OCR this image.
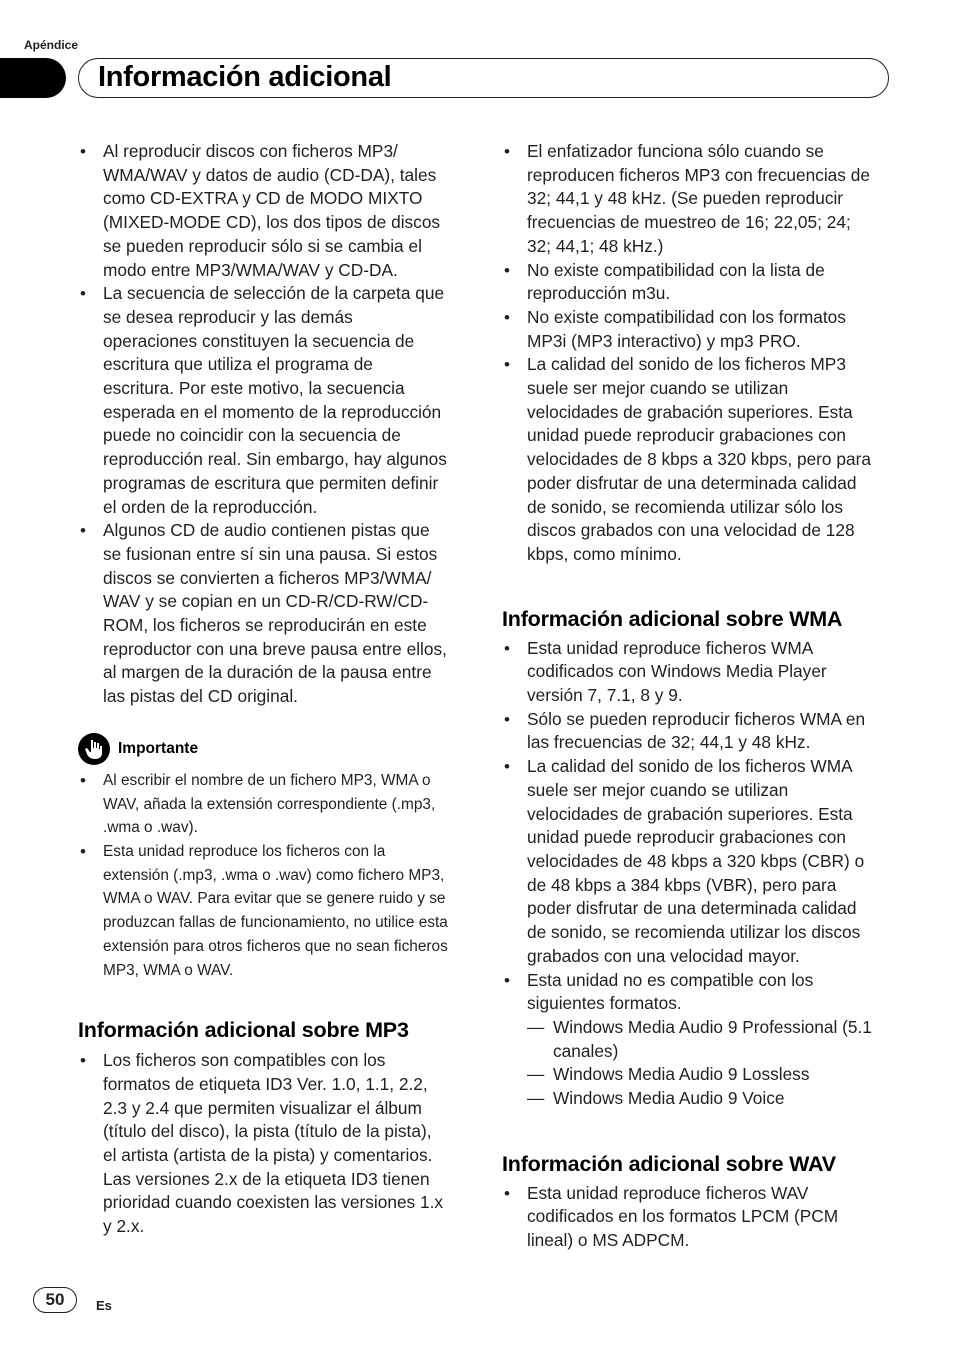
Apéndice
Información adicional
• Al reproducir discos con ficheros MP3/ WMA/WAV y datos de audio (CD-DA), tales como CD-EXTRA y CD de MODO MIXTO (MIXED-MODE CD), los dos tipos de discos se pueden reproducir sólo si se cambia el modo entre MP3/WMA/WAV y CD-DA.
• La secuencia de selección de la carpeta que se desea reproducir y las demás operaciones constituyen la secuencia de escritura que utiliza el programa de escritura. Por este motivo, la secuencia esperada en el momento de la reproducción puede no coincidir con la secuencia de reproducción real. Sin embargo, hay algunos programas de escritura que permiten definir el orden de la reproducción.
• Algunos CD de audio contienen pistas que se fusionan entre sí sin una pausa. Si estos discos se convierten a ficheros MP3/WMA/ WAV y se copian en un CD-R/CD-RW/CD-ROM, los ficheros se reproducirán en este reproductor con una breve pausa entre ellos, al margen de la duración de la pausa entre las pistas del CD original.
Importante
• Al escribir el nombre de un fichero MP3, WMA o WAV, añada la extensión correspondiente (.mp3, .wma o .wav).
• Esta unidad reproduce los ficheros con la extensión (.mp3, .wma o .wav) como fichero MP3, WMA o WAV. Para evitar que se genere ruido y se produzcan fallas de funcionamiento, no utilice esta extensión para otros ficheros que no sean ficheros MP3, WMA o WAV.
Información adicional sobre MP3
• Los ficheros son compatibles con los formatos de etiqueta ID3 Ver. 1.0, 1.1, 2.2, 2.3 y 2.4 que permiten visualizar el álbum (título del disco), la pista (título de la pista), el artista (artista de la pista) y comentarios. Las versiones 2.x de la etiqueta ID3 tienen prioridad cuando coexisten las versiones 1.x y 2.x.
• El enfatizador funciona sólo cuando se reproducen ficheros MP3 con frecuencias de 32; 44,1 y 48 kHz. (Se pueden reproducir frecuencias de muestreo de 16; 22,05; 24; 32; 44,1; 48 kHz.)
• No existe compatibilidad con la lista de reproducción m3u.
• No existe compatibilidad con los formatos MP3i (MP3 interactivo) y mp3 PRO.
• La calidad del sonido de los ficheros MP3 suele ser mejor cuando se utilizan velocidades de grabación superiores. Esta unidad puede reproducir grabaciones con velocidades de 8 kbps a 320 kbps, pero para poder disfrutar de una determinada calidad de sonido, se recomienda utilizar sólo los discos grabados con una velocidad de 128 kbps, como mínimo.
Información adicional sobre WMA
• Esta unidad reproduce ficheros WMA codificados con Windows Media Player versión 7, 7.1, 8 y 9.
• Sólo se pueden reproducir ficheros WMA en las frecuencias de 32; 44,1 y 48 kHz.
• La calidad del sonido de los ficheros WMA suele ser mejor cuando se utilizan velocidades de grabación superiores. Esta unidad puede reproducir grabaciones con velocidades de 48 kbps a 320 kbps (CBR) o de 48 kbps a 384 kbps (VBR), pero para poder disfrutar de una determinada calidad de sonido, se recomienda utilizar los discos grabados con una velocidad mayor.
• Esta unidad no es compatible con los siguientes formatos.
— Windows Media Audio 9 Professional (5.1 canales)
— Windows Media Audio 9 Lossless
— Windows Media Audio 9 Voice
Información adicional sobre WAV
• Esta unidad reproduce ficheros WAV codificados en los formatos LPCM (PCM lineal) o MS ADPCM.
50	Es
